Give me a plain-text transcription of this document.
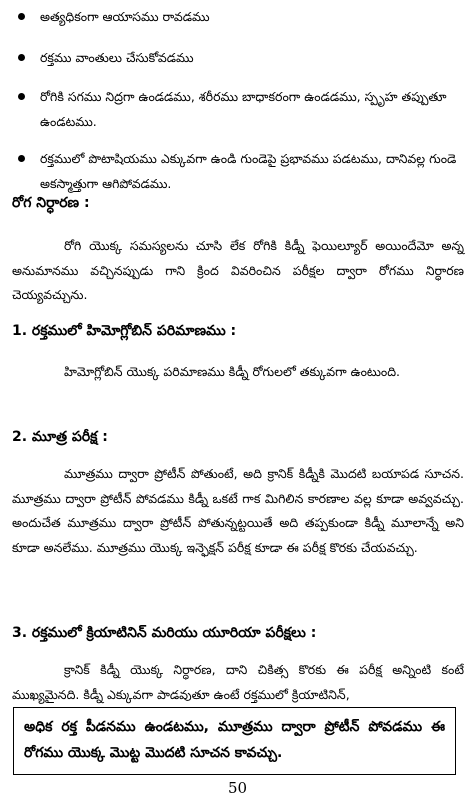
అత్యధికంగా ఆయాసము రావడము
రక్తము వాంతులు చేసుకోవడము
రోగికి సగము నిద్రగా ఉండడము, శరీరము బాధాకరంగా ఉండడము, స్పృహ తప్పుతూ ఉండటము.
రక్తములో పొటాషియము ఎక్కువగా ఉండి గుండెపై ప్రభావము పడటము, దానివల్ల గుండె అకస్మాత్తుగా ఆగిపోవడము.
రోగ నిర్ధారణ :
రోగి యొక్క సమస్యలను చూసి లేక రోగికి కిడ్నీ ఫెయిల్యూర్ అయిందేమో అన్న అనుమానము వచ్చినప్పుడు గాని క్రింద వివరించిన పరీక్షల ద్వారా రోగము నిర్ధారణ చెయ్యవచ్చును.
1. రక్తములో హిమోగ్లోబిన్ పరిమాణము :
హిమోగ్లోబిన్ యొక్క పరిమాణము కిడ్నీ రోగులలో తక్కువగా ఉంటుంది.
2. మూత్ర పరీక్ష :
మూత్రము ద్వారా ప్రోటీన్ పోతుంటే, అది క్రానిక్ కిడ్నీకి మొదటి బయాపడ సూచన. మూత్రము ద్వారా ప్రోటీన్ పోవడము కిడ్నీ ఒకటే గాక మిగిలిన కారణాల వల్ల కూడా అవ్వవచ్చు. అందుచేత మూత్రము ద్వారా ప్రోటీన్ పోతున్నట్టయితే అది తప్పకుండా కిడ్నీ మూలాన్నే అని కూడా అనలేము. మూత్రము యొక్క ఇన్ఫెక్షన్ పరీక్ష కూడా ఈ పరీక్ష కొరకు చేయవచ్చు.
3. రక్తములో క్రియాటినిన్ మరియు యూరియా పరీక్షలు :
క్రానిక్ కిడ్నీ యొక్క నిర్ధారణ, దాని చికిత్స కొరకు ఈ పరీక్ష అన్నింటి కంటే ముఖ్యమైనది. కిడ్నీ ఎక్కువగా పాడవుతూ ఉంటే రక్తములో క్రియాటినిన్,
అధిక రక్త పీడనము ఉండటము, మూత్రము ద్వారా ప్రోటీన్ పోవడము ఈ రోగము యొక్క మొట్ట మొదటి సూచన కావచ్చు.
50
